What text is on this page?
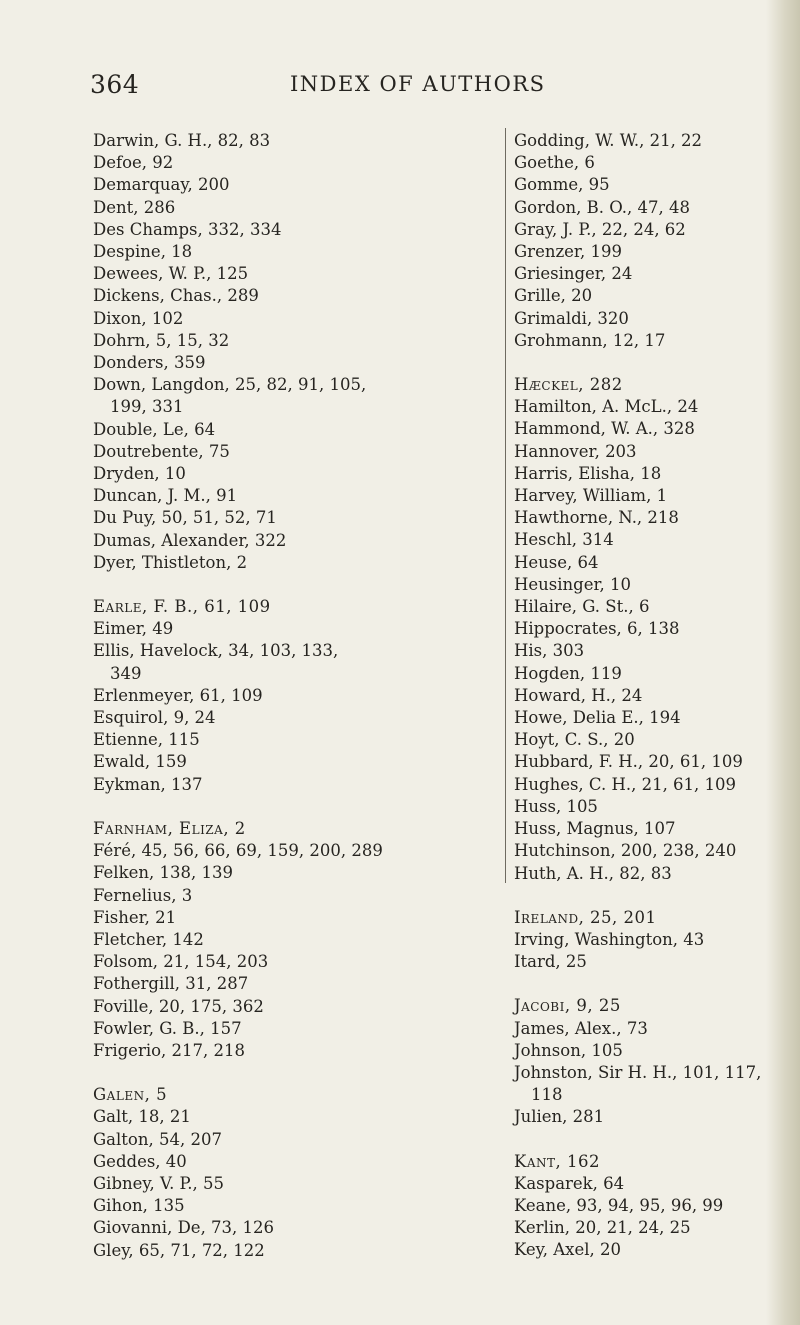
364	INDEX OF AUTHORS
Darwin, G. H., 82, 83
Defoe, 92
Demarquay, 200
Dent, 286
Des Champs, 332, 334
Despine, 18
Dewees, W. P., 125
Dickens, Chas., 289
Dixon, 102
Dohrn, 5, 15, 32
Donders, 359
Down, Langdon, 25, 82, 91, 105,
199, 331
Double, Le, 64
Doutrebente, 75
Dryden, 10
Duncan, J. M., 91
Du Puy, 50, 51, 52, 71
Dumas, Alexander, 322
Dyer, Thistleton, 2
Earle, F. B., 61, 109
Eimer, 49
Ellis, Havelock, 34, 103, 133,
349
Erlenmeyer, 61, 109
Esquirol, 9, 24
Etienne, 115
Ewald, 159
Eykman, 137
Farnham, Eliza, 2
Féré, 45, 56, 66, 69, 159, 200, 289
Felken, 138, 139
Fernelius, 3
Fisher, 21
Fletcher, 142
Folsom, 21, 154, 203
Fothergill, 31, 287
Foville, 20, 175, 362
Fowler, G. B., 157
Frigerio, 217, 218
Galen, 5
Galt, 18, 21
Galton, 54, 207
Geddes, 40
Gibney, V. P., 55
Gihon, 135
Giovanni, De, 73, 126
Gley, 65, 71, 72, 122
Godding, W. W., 21, 22
Goethe, 6
Gomme, 95
Gordon, B. O., 47, 48
Gray, J. P., 22, 24, 62
Grenzer, 199
Griesinger, 24
Grille, 20
Grimaldi, 320
Grohmann, 12, 17
Hæckel, 282
Hamilton, A. McL., 24
Hammond, W. A., 328
Hannover, 203
Harris, Elisha, 18
Harvey, William, 1
Hawthorne, N., 218
Heschl, 314
Heuse, 64
Heusinger, 10
Hilaire, G. St., 6
Hippocrates, 6, 138
His, 303
Hogden, 119
Howard, H., 24
Howe, Delia E., 194
Hoyt, C. S., 20
Hubbard, F. H., 20, 61, 109
Hughes, C. H., 21, 61, 109
Huss, 105
Huss, Magnus, 107
Hutchinson, 200, 238, 240
Huth, A. H., 82, 83
Ireland, 25, 201
Irving, Washington, 43
Itard, 25
Jacobi, 9, 25
James, Alex., 73
Johnson, 105
Johnston, Sir H. H., 101, 117,
118
Julien, 281
Kant, 162
Kasparek, 64
Keane, 93, 94, 95, 96, 99
Kerlin, 20, 21, 24, 25
Key, Axel, 20
